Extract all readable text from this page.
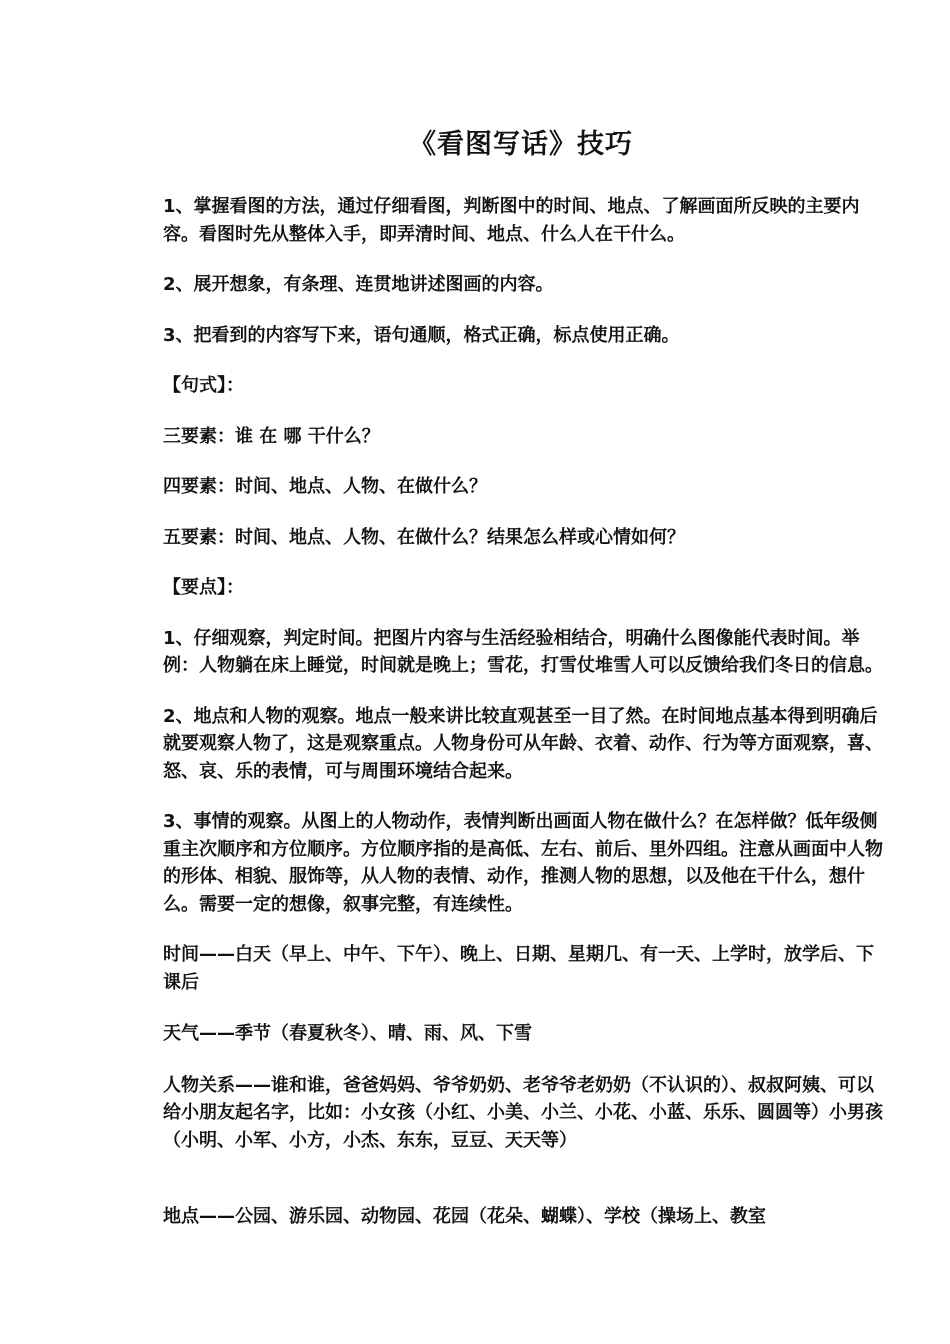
《看图写话》技巧

1、掌握看图的方法，通过仔细看图，判断图中的时间、地点、了解画面所反映的主要内容。看图时先从整体入手，即弄清时间、地点、什么人在干什么。

2、展开想象，有条理、连贯地讲述图画的内容。

3、把看到的内容写下来，语句通顺，格式正确，标点使用正确。

【句式】：

三要素：谁 在 哪 干什么？

四要素：时间、地点、人物、在做什么？

五要素：时间、地点、人物、在做什么？结果怎么样或心情如何？

【要点】：

1、仔细观察，判定时间。把图片内容与生活经验相结合，明确什么图像能代表时间。举例：人物躺在床上睡觉，时间就是晚上；雪花，打雪仗堆雪人可以反馈给我们冬日的信息。

2、地点和人物的观察。地点一般来讲比较直观甚至一目了然。在时间地点基本得到明确后就要观察人物了，这是观察重点。人物身份可从年龄、衣着、动作、行为等方面观察，喜、怒、哀、乐的表情，可与周围环境结合起来。

3、事情的观察。从图上的人物动作，表情判断出画面人物在做什么？在怎样做？低年级侧重主次顺序和方位顺序。方位顺序指的是高低、左右、前后、里外四组。注意从画面中人物的形体、相貌、服饰等，从人物的表情、动作，推测人物的思想，以及他在干什么，想什么。需要一定的想像，叙事完整，有连续性。

时间——白天（早上、中午、下午）、晚上、日期、星期几、有一天、上学时，放学后、下课后

天气——季节（春夏秋冬）、晴、雨、风、下雪

人物关系——谁和谁，爸爸妈妈、爷爷奶奶、老爷爷老奶奶（不认识的）、叔叔阿姨、可以给小朋友起名字，比如：小女孩（小红、小美、小兰、小花、小蓝、乐乐、圆圆等）小男孩（小明、小军、小方，小杰、东东，豆豆、天天等）

地点——公园、游乐园、动物园、花园（花朵、蝴蝶）、学校（操场上、教室
